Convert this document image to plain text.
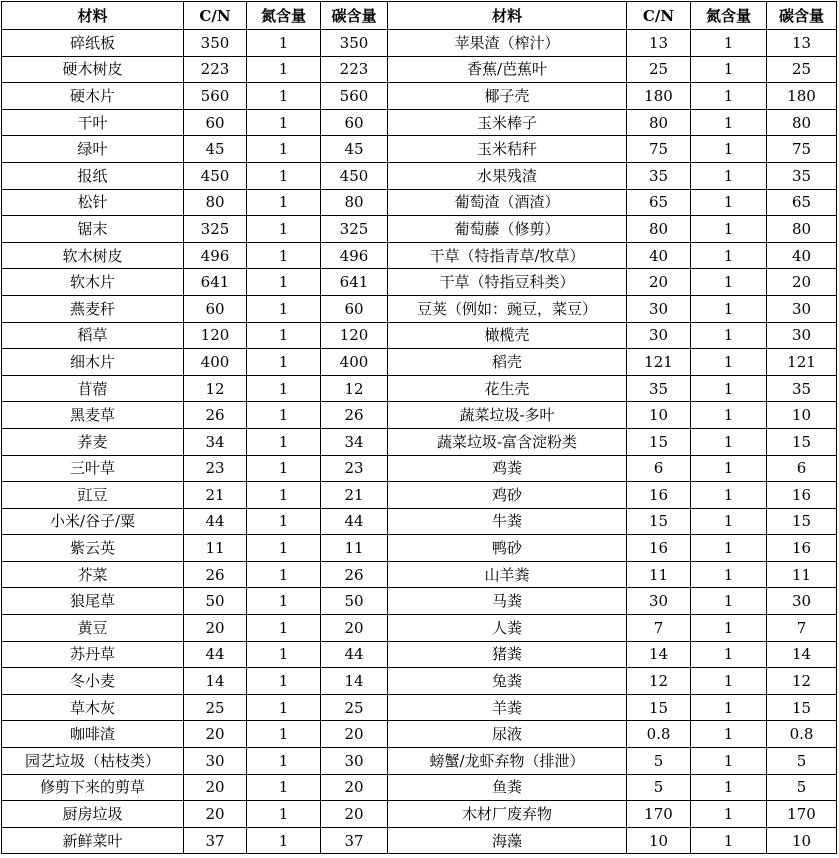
材料	C/N	氮含量	碳含量	材料	C/N	氮含量	碳含量
碎纸板	350	1	350	苹果渣（榨汁）	13	1	13
硬木树皮	223	1	223	香蕉/芭蕉叶	25	1	25
硬木片	560	1	560	椰子壳	180	1	180
干叶	60	1	60	玉米棒子	80	1	80
绿叶	45	1	45	玉米秸秆	75	1	75
报纸	450	1	450	水果残渣	35	1	35
松针	80	1	80	葡萄渣（酒渣）	65	1	65
锯末	325	1	325	葡萄藤（修剪）	80	1	80
软木树皮	496	1	496	干草（特指青草/牧草）	40	1	40
软木片	641	1	641	干草（特指豆科类）	20	1	20
燕麦秆	60	1	60	豆荚（例如：豌豆，菜豆）	30	1	30
稻草	120	1	120	橄榄壳	30	1	30
细木片	400	1	400	稻壳	121	1	121
苜蓿	12	1	12	花生壳	35	1	35
黑麦草	26	1	26	蔬菜垃圾-多叶	10	1	10
荞麦	34	1	34	蔬菜垃圾-富含淀粉类	15	1	15
三叶草	23	1	23	鸡粪	6	1	6
豇豆	21	1	21	鸡砂	16	1	16
小米/谷子/粟	44	1	44	牛粪	15	1	15
紫云英	11	1	11	鸭砂	16	1	16
芥菜	26	1	26	山羊粪	11	1	11
狼尾草	50	1	50	马粪	30	1	30
黄豆	20	1	20	人粪	7	1	7
苏丹草	44	1	44	猪粪	14	1	14
冬小麦	14	1	14	兔粪	12	1	12
草木灰	25	1	25	羊粪	15	1	15
咖啡渣	20	1	20	尿液	0.8	1	0.8
园艺垃圾（枯枝类）	30	1	30	螃蟹/龙虾弃物（排泄）	5	1	5
修剪下来的剪草	20	1	20	鱼粪	5	1	5
厨房垃圾	20	1	20	木材厂废弃物	170	1	170
新鲜菜叶	37	1	37	海藻	10	1	10
